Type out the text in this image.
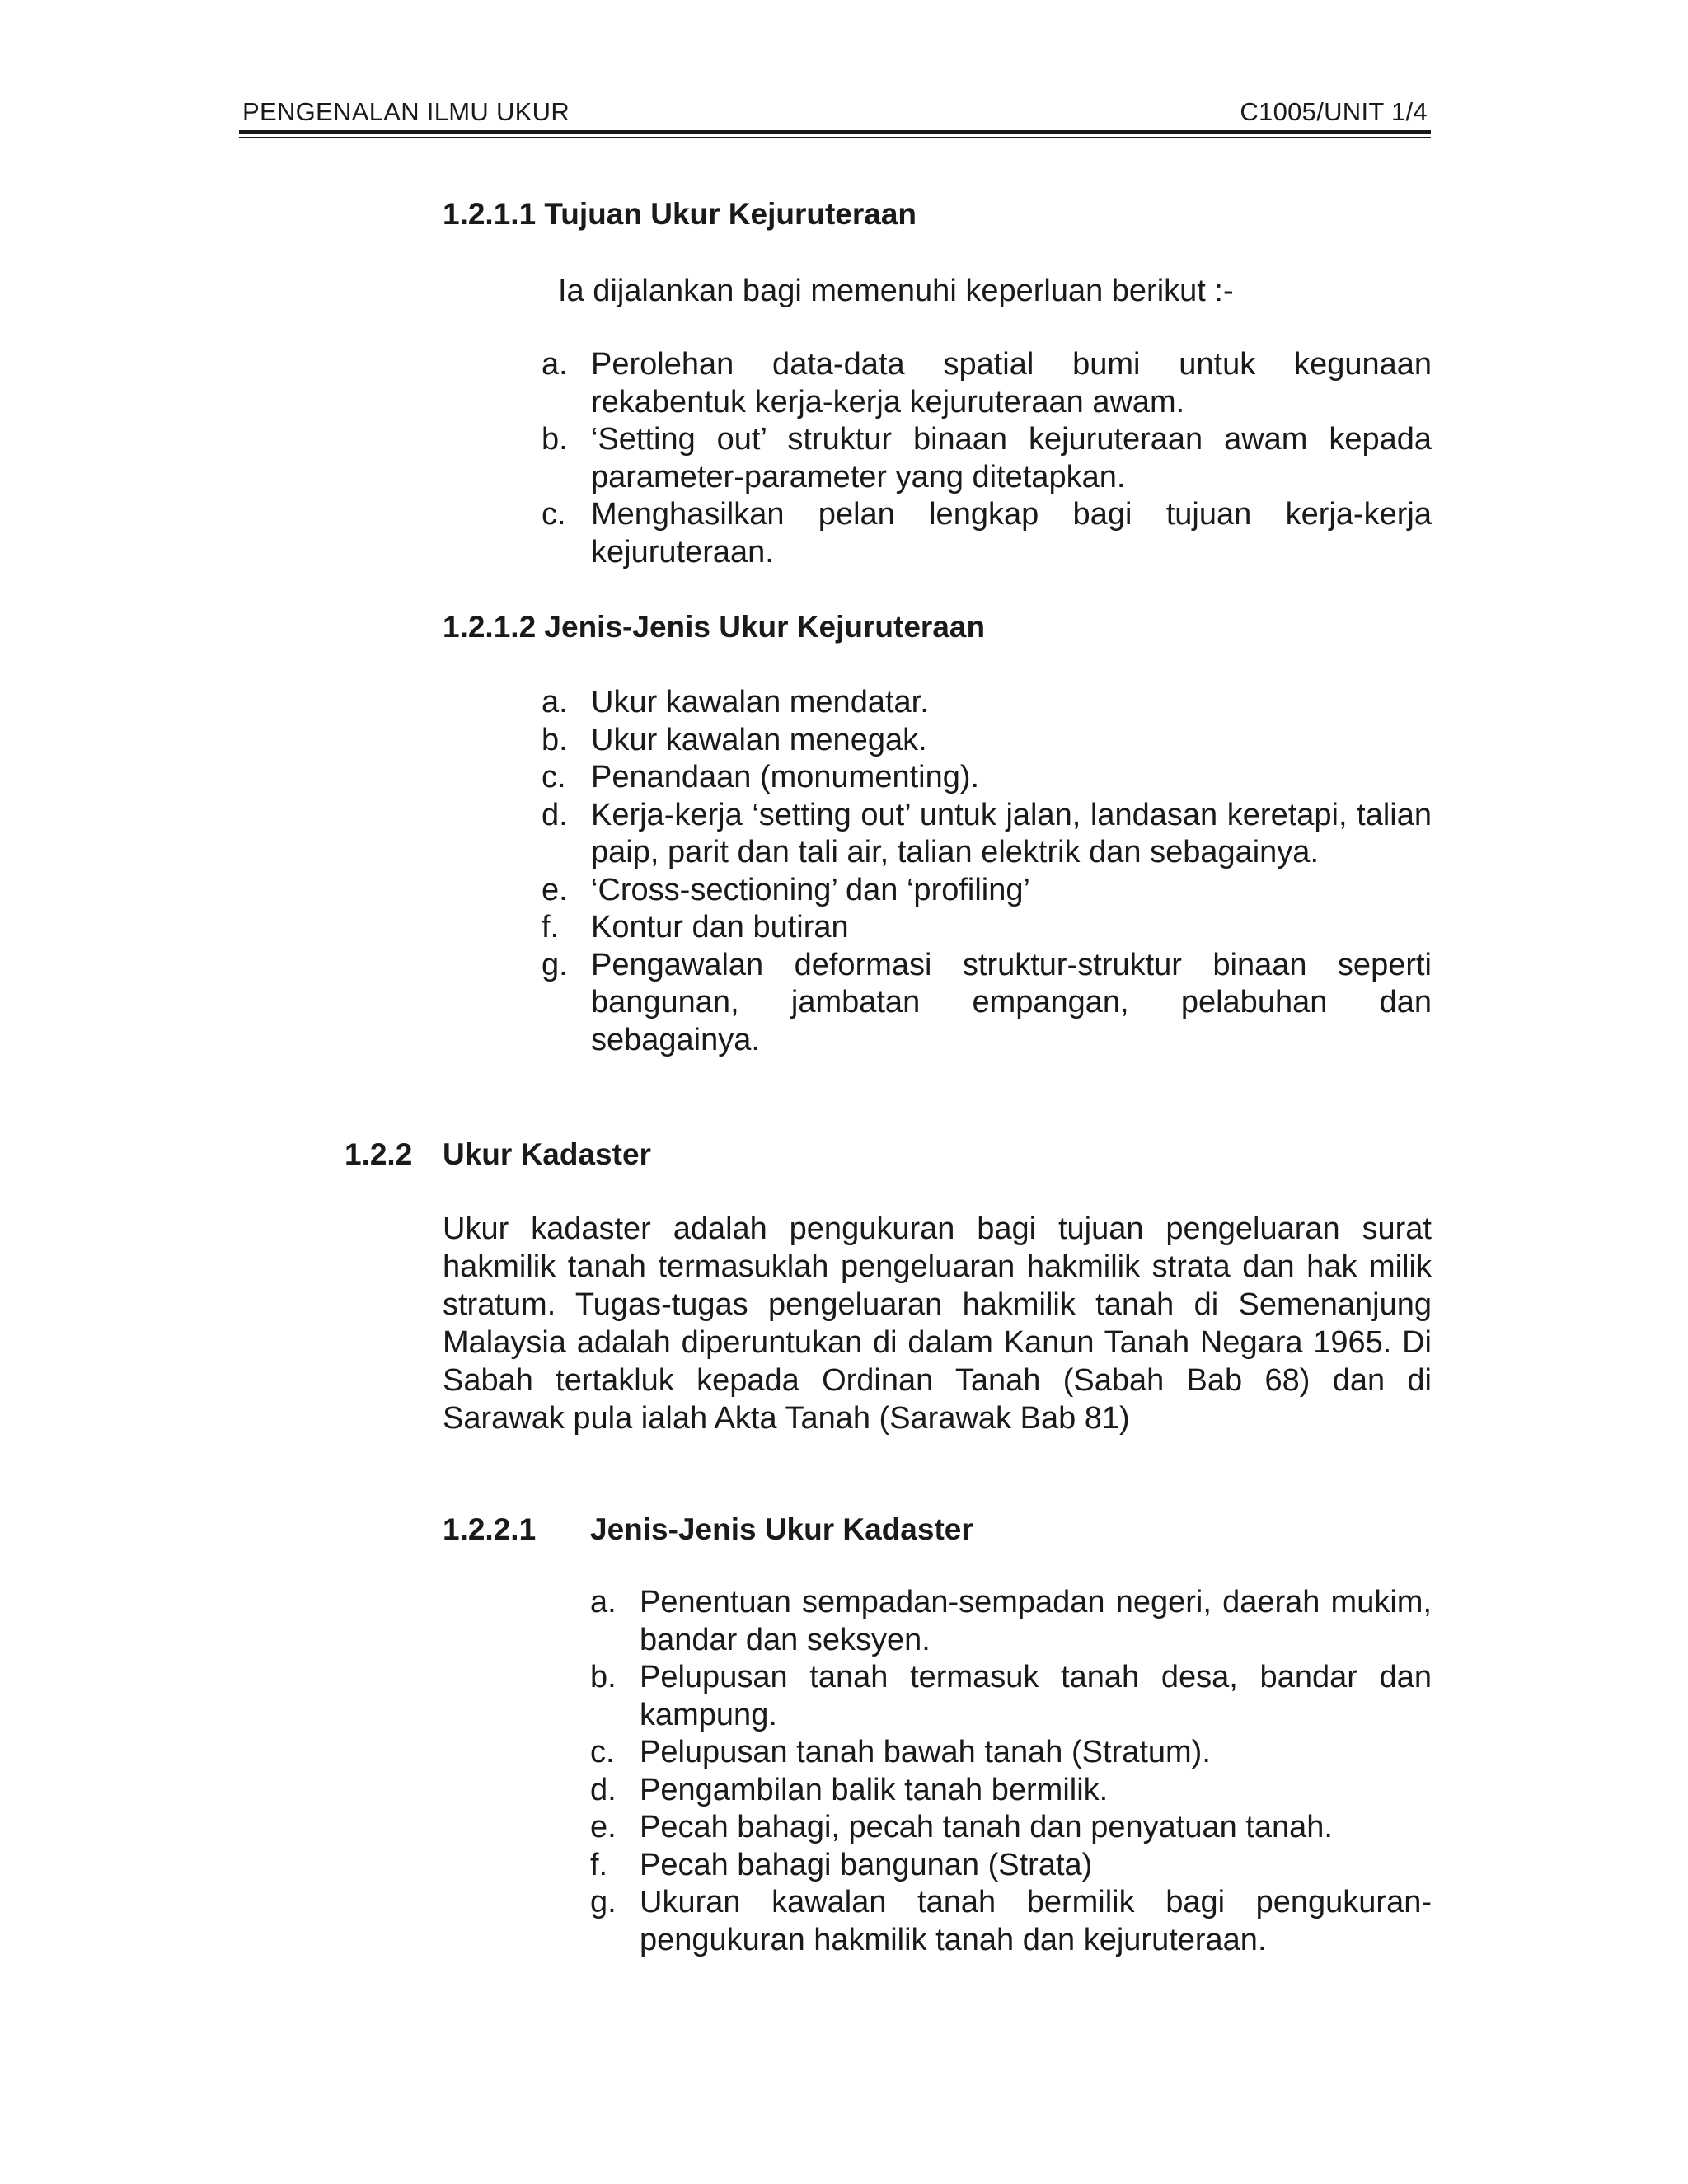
PENGENALAN ILMU UKUR	C1005/UNIT 1/4
1.2.1.1 Tujuan Ukur Kejuruteraan
Ia dijalankan bagi memenuhi keperluan berikut :-
a. Perolehan data-data spatial bumi untuk kegunaan rekabentuk kerja-kerja kejuruteraan awam.
b. ‘Setting out’ struktur binaan kejuruteraan awam kepada parameter-parameter yang ditetapkan.
c. Menghasilkan pelan lengkap bagi tujuan kerja-kerja kejuruteraan.
1.2.1.2 Jenis-Jenis Ukur Kejuruteraan
a. Ukur kawalan mendatar.
b. Ukur kawalan menegak.
c. Penandaan (monumenting).
d. Kerja-kerja ‘setting out’ untuk jalan, landasan keretapi, talian paip, parit dan tali air, talian elektrik dan sebagainya.
e. ‘Cross-sectioning’ dan ‘profiling’
f. Kontur dan butiran
g. Pengawalan deformasi struktur-struktur binaan seperti bangunan, jambatan empangan, pelabuhan dan sebagainya.
1.2.2 Ukur Kadaster
Ukur kadaster adalah pengukuran bagi tujuan pengeluaran surat hakmilik tanah termasuklah pengeluaran hakmilik strata dan hak milik stratum. Tugas-tugas pengeluaran hakmilik tanah di Semenanjung Malaysia adalah diperuntukan di dalam Kanun Tanah Negara 1965. Di Sabah tertakluk kepada Ordinan Tanah (Sabah Bab 68) dan di Sarawak pula ialah Akta Tanah (Sarawak Bab 81)
1.2.2.1 Jenis-Jenis Ukur Kadaster
a. Penentuan sempadan-sempadan negeri, daerah mukim, bandar dan seksyen.
b. Pelupusan tanah termasuk tanah desa, bandar dan kampung.
c. Pelupusan tanah bawah tanah (Stratum).
d. Pengambilan balik tanah bermilik.
e. Pecah bahagi, pecah tanah dan penyatuan tanah.
f. Pecah bahagi bangunan (Strata)
g. Ukuran kawalan tanah bermilik bagi pengukuran-pengukuran hakmilik tanah dan kejuruteraan.
